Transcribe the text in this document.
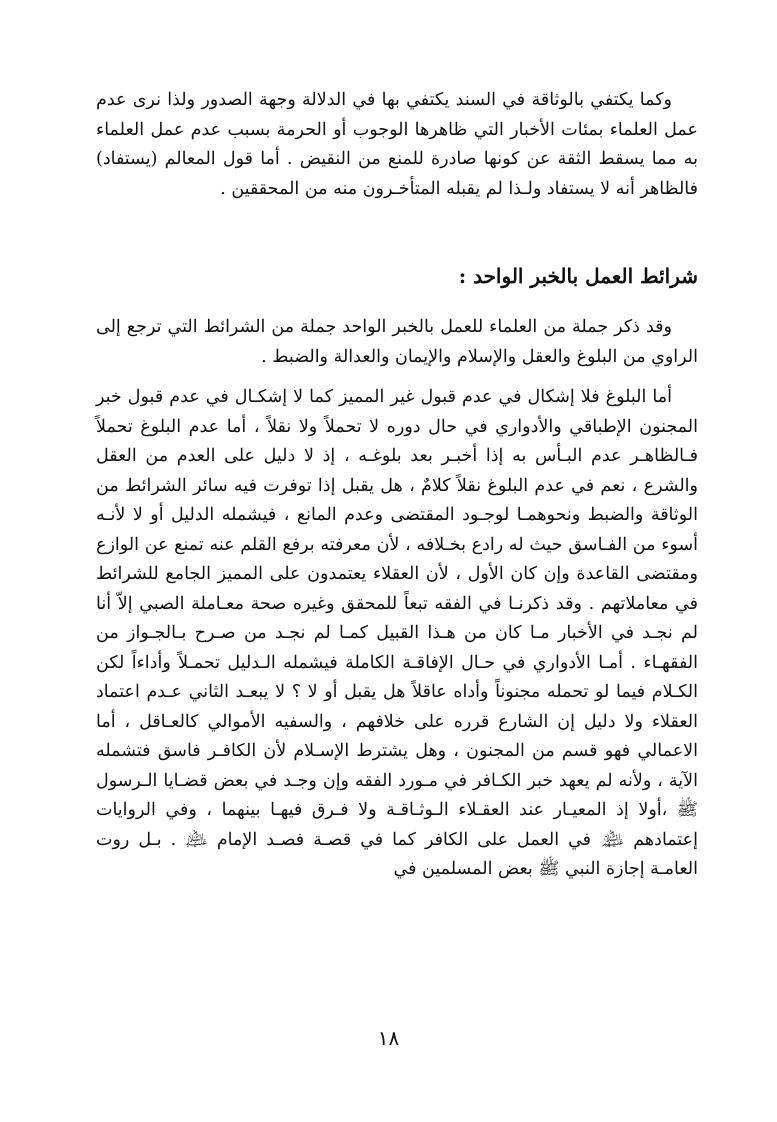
وكما يكتفي بالوثاقة في السند يكتفي بها في الدلالة وجهة الصدور ولذا نرى عدم عمل العلماء بمئات الأخبار التي ظاهرها الوجوب أو الحرمة بسبب عدم عمل العلماء به مما يسقط الثقة عن كونها صادرة للمنع من النقيض . أما قول المعالم (يستفاد) فالظاهر أنه لا يستفاد ولـذا لم يقبله المتأخـرون منه من المحققين .

شرائط العمل بالخبر الواحد :

وقد ذكر جملة من العلماء للعمل بالخبر الواحد جملة من الشرائط التي ترجع إلى الراوي من البلوغ والعقل والإسلام والإيمان والعدالة والضبط .

أما البلوغ فلا إشكال في عدم قبول غير المميز كما لا إشكـال في عدم قبول خبر المجنون الإطباقي والأدواري في حال دوره لا تحملاً ولا نقلاً ، أما عدم البلوغ تحملاً فـالظاهـر عدم البـأس به إذا أخبـر بعد بلوغـه ، إذ لا دليل على العدم من العقل والشرع ، نعم في عدم البلوغ نقلاً كلامٌ ، هل يقبل إذا توفرت فيه سائر الشرائط من الوثاقة والضبط ونحوهمـا لوجـود المقتضى وعدم المانع ، فيشمله الدليل أو لا لأنـه أسوء من الفـاسق حيث له رادع بخـلافه ، لأن معرفته برفع القلم عنه تمنع عن الوازع ومقتضى القاعدة وإن كان الأول ، لأن العقلاء يعتمدون على المميز الجامع للشرائط في معاملاتهم . وقد ذكرنـا في الفقه تبعاً للمحقق وغيره صحة معـاملة الصبي إلاّ أنا لم نجـد في الأخبار مـا كان من هـذا القبيل كمـا لم نجـد من صـرح بـالجـواز من الفقهـاء . أمـا الأدواري في حـال الإفاقـة الكاملة فيشمله الـدليل تحمـلاً وأداءاً لكن الكـلام فيما لو تحمله مجنوناً وأداه عاقلاً هل يقبل أو لا ؟ لا يبعـد الثاني عـدم اعتماد العقلاء ولا دليل إن الشارع قرره على خلافهم ، والسفيه الأموالي كالعـاقل ، أما الاعمالي فهو قسم من المجنون ، وهل يشترط الإسـلام لأن الكافـر فاسق فتشمله الآية ، ولأنه لم يعهد خبر الكـافر في مـورد الفقه وإن وجـد في بعض قضـايا الـرسول ﷺ ،أولا إذ المعيـار عند العقـلاء الـوثـاقـة ولا فـرق فيهـا بينهما ، وفي الروايات إعتمادهم ﵈ في العمل على الكافر كما في قصـة فصـد الإمام ﵇ . بـل روت العامـة إجازة النبي ﷺ بعض المسلمين في

١٨
